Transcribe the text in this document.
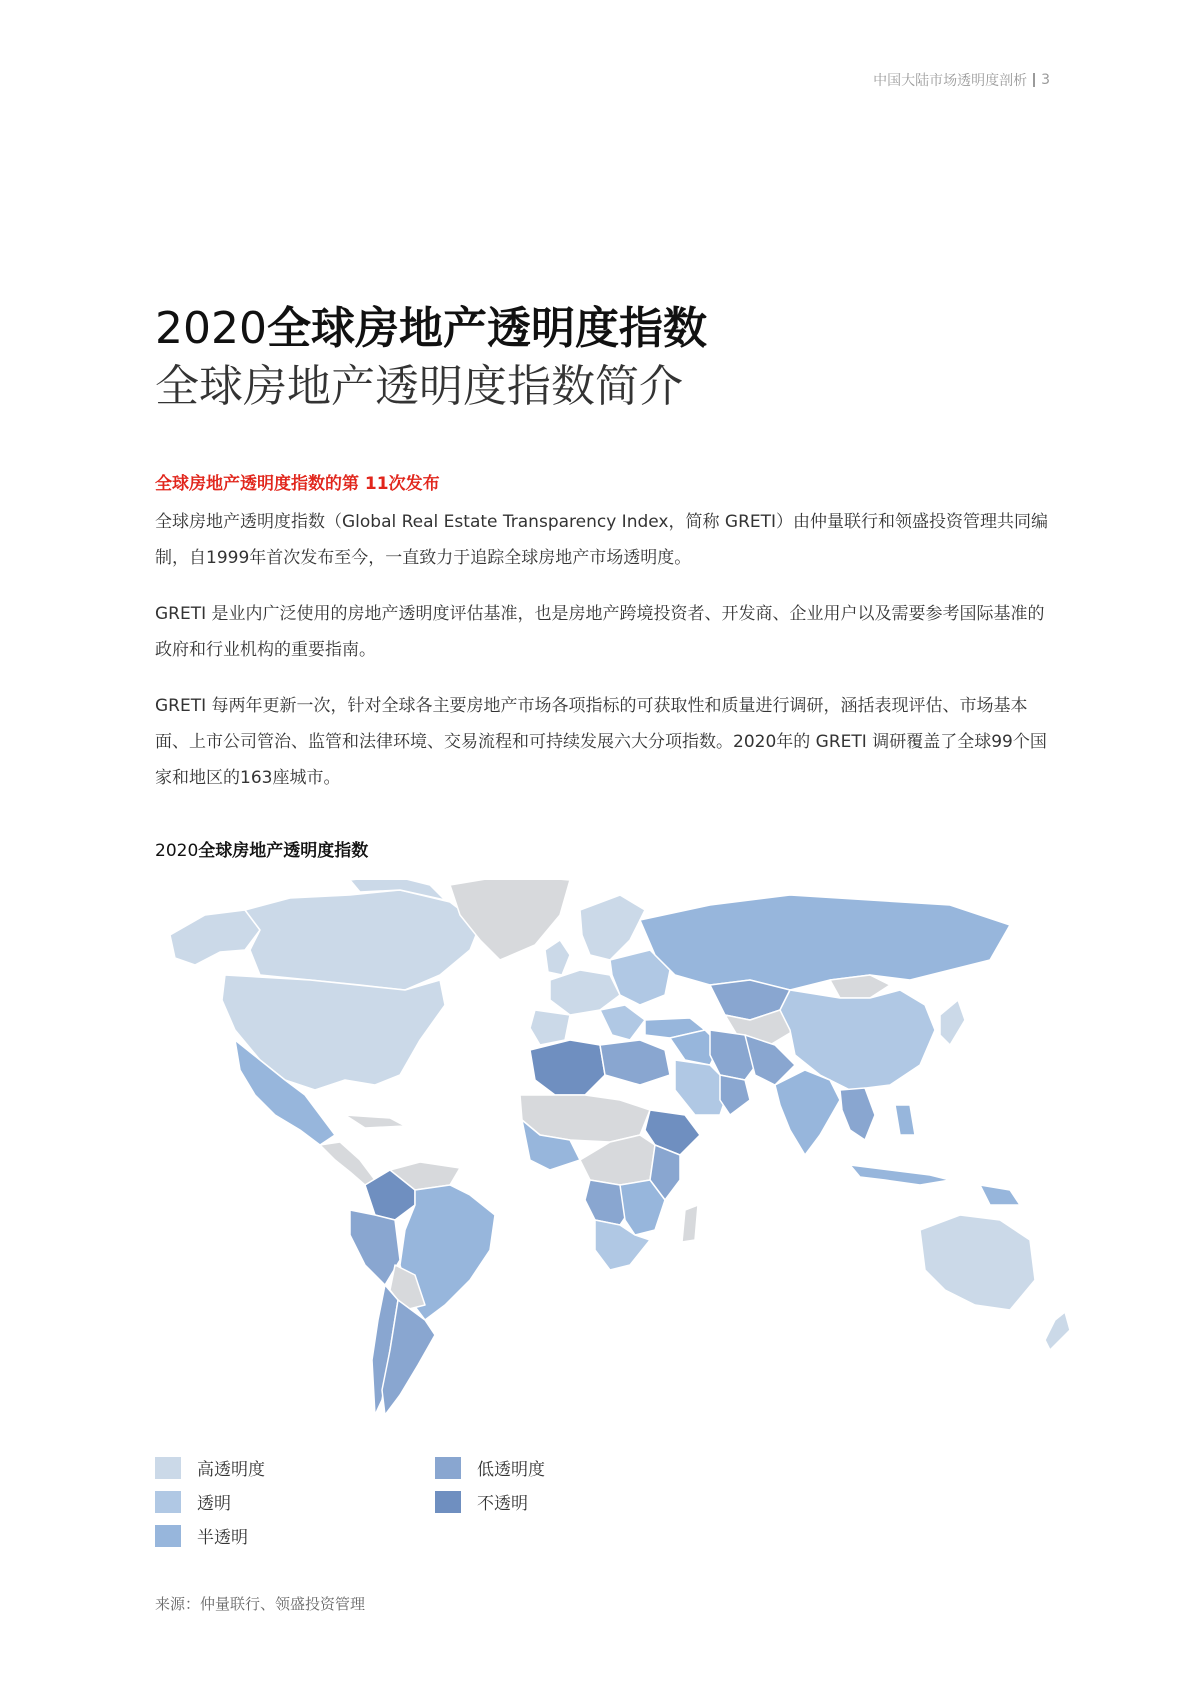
中国大陆市场透明度剖析 3
2020全球房地产透明度指数
全球房地产透明度指数简介
全球房地产透明度指数的第 11次发布

全球房地产透明度指数（Global Real Estate Transparency Index，简称 GRETI）由仲量联行和领盛投资管理共同编制，自1999年首次发布至今，一直致力于追踪全球房地产市场透明度。

GRETI 是业内广泛使用的房地产透明度评估基准，也是房地产跨境投资者、开发商、企业用户以及需要参考国际基准的政府和行业机构的重要指南。

GRETI 每两年更新一次，针对全球各主要房地产市场各项指标的可获取性和质量进行调研，涵括表现评估、市场基本面、上市公司管治、监管和法律环境、交易流程和可持续发展六大分项指数。2020年的 GRETI 调研覆盖了全球99个国家和地区的163座城市。

2020全球房地产透明度指数
高透明度
透明
半透明
低透明度
不透明
来源：仲量联行、领盛投资管理
